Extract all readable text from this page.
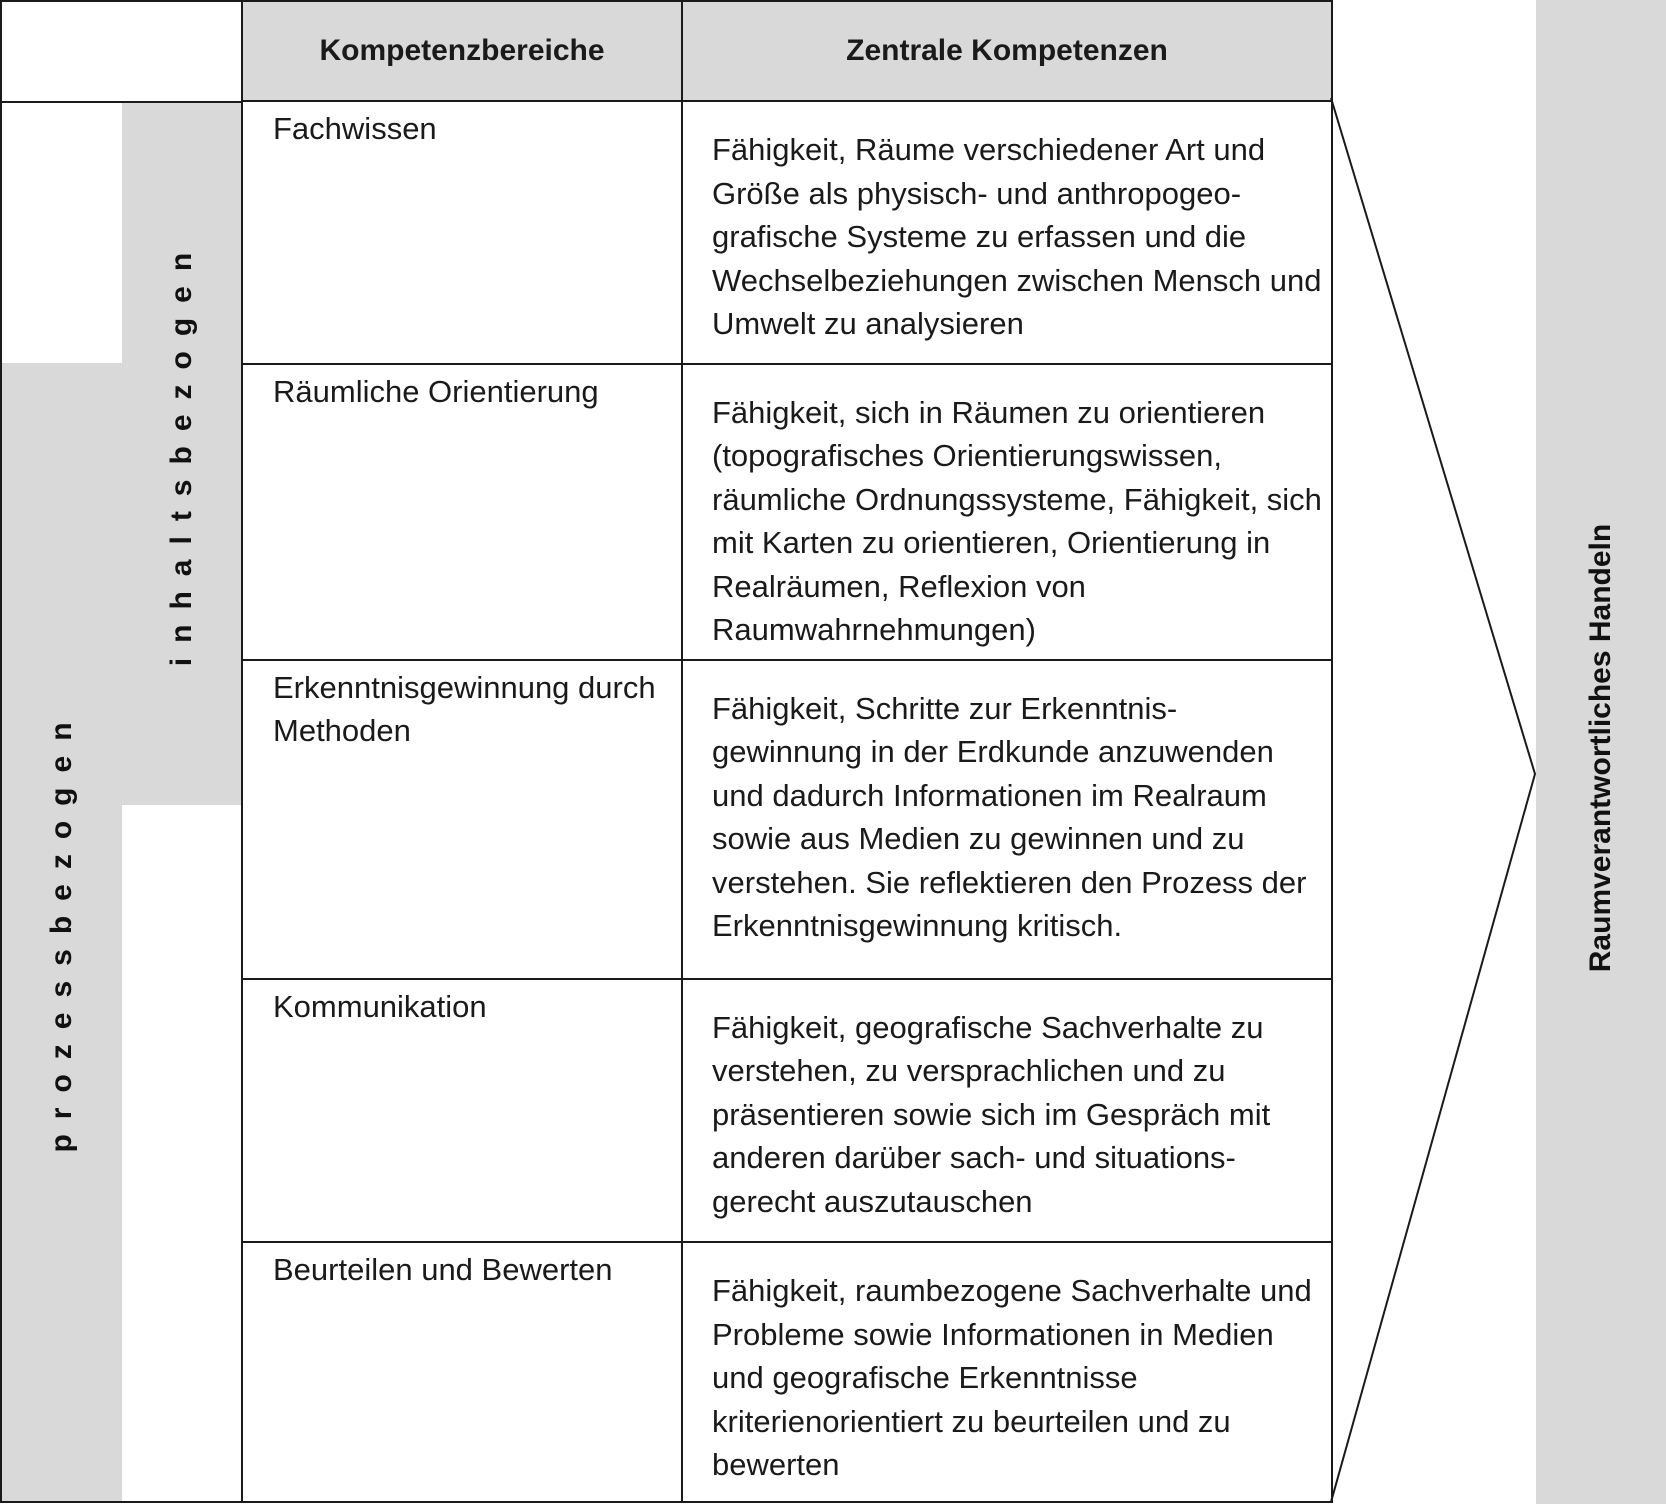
prozessbezogen
inhaltsbezogen
Raumverantwortliches Handeln
Kompetenzbereiche	Zentrale Kompetenzen

Fachwissen	Fähigkeit, Räume verschiedener Art und Größe als physisch- und anthropogeo- grafische Systeme zu erfassen und die Wechselbeziehungen zwischen Mensch und Umwelt zu analysieren

Räumliche Orientierung	Fähigkeit, sich in Räumen zu orientieren (topografisches Orientierungswissen, räumliche Ordnungssysteme, Fähigkeit, sich mit Karten zu orientieren, Orientierung in Realräumen, Reflexion von Raumwahrnehmungen)

Erkenntnisgewinnung durch Methoden	Fähigkeit, Schritte zur Erkenntnis- gewinnung in der Erdkunde anzuwenden und dadurch Informationen im Realraum sowie aus Medien zu gewinnen und zu verstehen. Sie reflektieren den Prozess der Erkenntnisgewinnung kritisch.

Kommunikation	Fähigkeit, geografische Sachverhalte zu verstehen, zu versprachlichen und zu präsentieren sowie sich im Gespräch mit anderen darüber sach- und situations- gerecht auszutauschen

Beurteilen und Bewerten	Fähigkeit, raumbezogene Sachverhalte und Probleme sowie Informationen in Medien und geografische Erkenntnisse kriterienorientiert zu beurteilen und zu bewerten
